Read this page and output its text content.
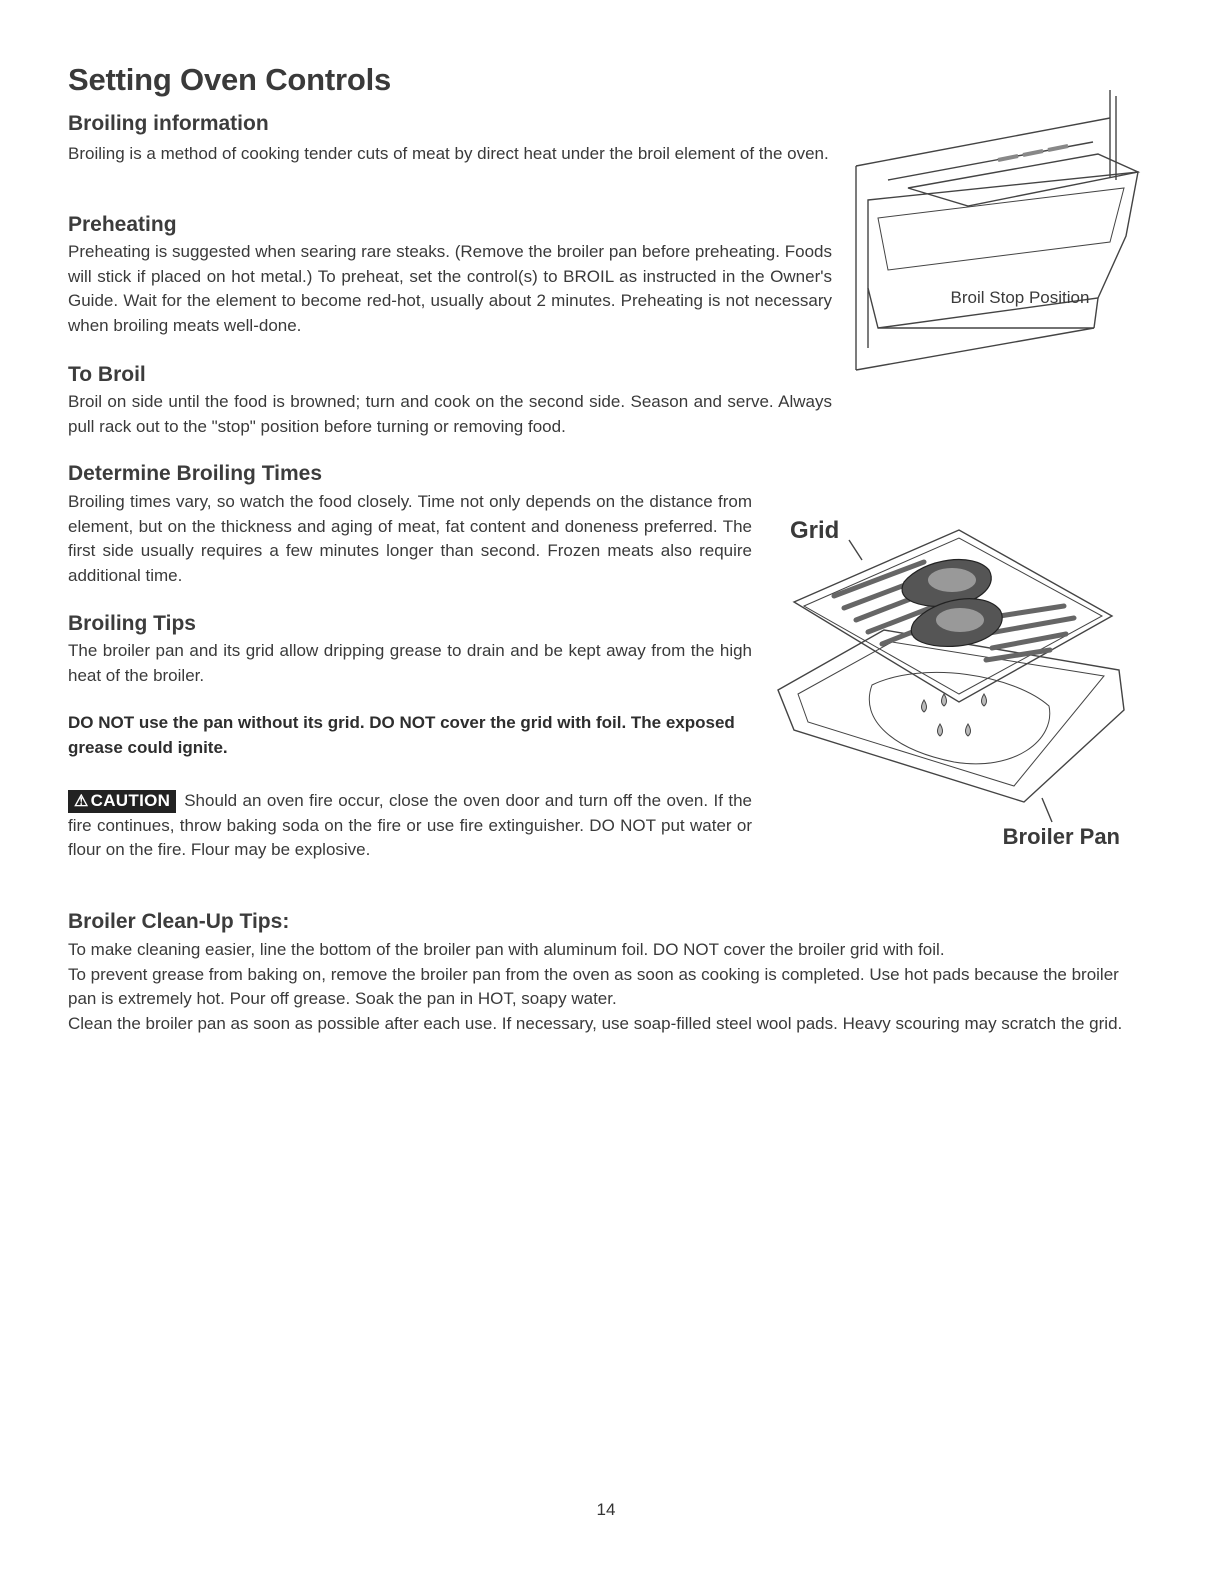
Setting Oven Controls
Broiling information

Broiling is a method of cooking tender cuts of meat by direct heat under the broil element of the oven.

Preheating

Preheating is suggested when searing rare steaks. (Remove the broiler pan before preheating. Foods will stick if placed on hot metal.) To preheat, set the control(s) to BROIL as instructed in the Owner's Guide. Wait for the element to become red-hot, usually about 2 minutes. Preheating is not necessary when broiling meats well-done.

To Broil

Broil on side until the food is browned; turn and cook on the second side. Season and serve. Always pull rack out to the "stop" position before turning or removing food.

Determine Broiling Times

Broiling times vary, so watch the food closely. Time not only depends on the distance from element, but on the thickness and aging of meat, fat content and doneness preferred. The first side usually requires a few minutes longer than second. Frozen meats also require additional time.

Broiling Tips

The broiler pan and its grid allow dripping grease to drain and be kept away from the high heat of the broiler.

DO NOT use the pan without its grid. DO NOT cover the grid with foil. The exposed grease could ignite.

⚠ CAUTION Should an oven fire occur, close the oven door and turn off the oven. If the fire continues, throw baking soda on the fire or use fire extinguisher. DO NOT put water or flour on the fire. Flour may be explosive.

Broiler Clean-Up Tips:

To make cleaning easier, line the bottom of the broiler pan with aluminum foil. DO NOT cover the broiler grid with foil.

To prevent grease from baking on, remove the broiler pan from the oven as soon as cooking is completed. Use hot pads because the broiler pan is extremely hot. Pour off grease. Soak the pan in HOT, soapy water.

Clean the broiler pan as soon as possible after each use. If necessary, use soap-filled steel wool pads. Heavy scouring may scratch the grid.

Broil Stop Position
Grid
Broiler Pan
14
